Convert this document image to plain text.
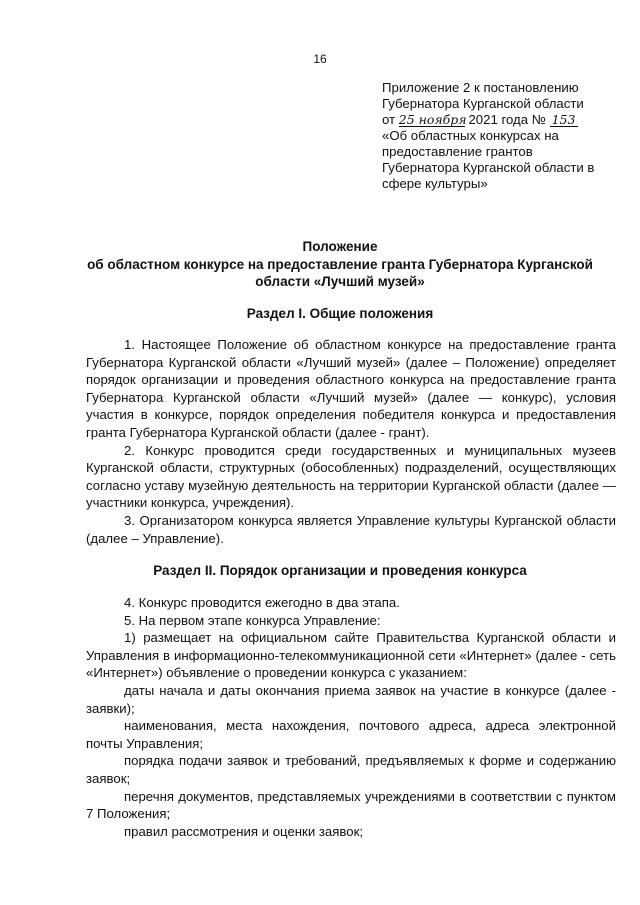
16
Приложение 2 к постановлению
Губернатора Курганской области
от 25 ноября 2021 года № 153
«Об областных конкурсах на
предоставление грантов
Губернатора Курганской области в
сфере культуры»
Положение
об областном конкурсе на предоставление гранта Губернатора Курганской
области «Лучший музей»
Раздел I. Общие положения

1. Настоящее Положение об областном конкурсе на предоставление гранта Губернатора Курганской области «Лучший музей» (далее – Положение) определяет порядок организации и проведения областного конкурса на предоставление гранта Губернатора Курганской области «Лучший музей» (далее — конкурс), условия участия в конкурсе, порядок определения победителя конкурса и предоставления гранта Губернатора Курганской области (далее - грант).

2. Конкурс проводится среди государственных и муниципальных музеев Курганской области, структурных (обособленных) подразделений, осуществляющих согласно уставу музейную деятельность на территории Курганской области (далее — участники конкурса, учреждения).

3. Организатором конкурса является Управление культуры Курганской области (далее – Управление).

Раздел II. Порядок организации и проведения конкурса

4. Конкурс проводится ежегодно в два этапа.

5. На первом этапе конкурса Управление:

1) размещает на официальном сайте Правительства Курганской области и Управления в информационно-телекоммуникационной сети «Интернет» (далее - сеть «Интернет») объявление о проведении конкурса с указанием:

даты начала и даты окончания приема заявок на участие в конкурсе (далее - заявки);

наименования, места нахождения, почтового адреса, адреса электронной почты Управления;

порядка подачи заявок и требований, предъявляемых к форме и содержанию заявок;

перечня документов, представляемых учреждениями в соответствии с пунктом 7 Положения;

правил рассмотрения и оценки заявок;
